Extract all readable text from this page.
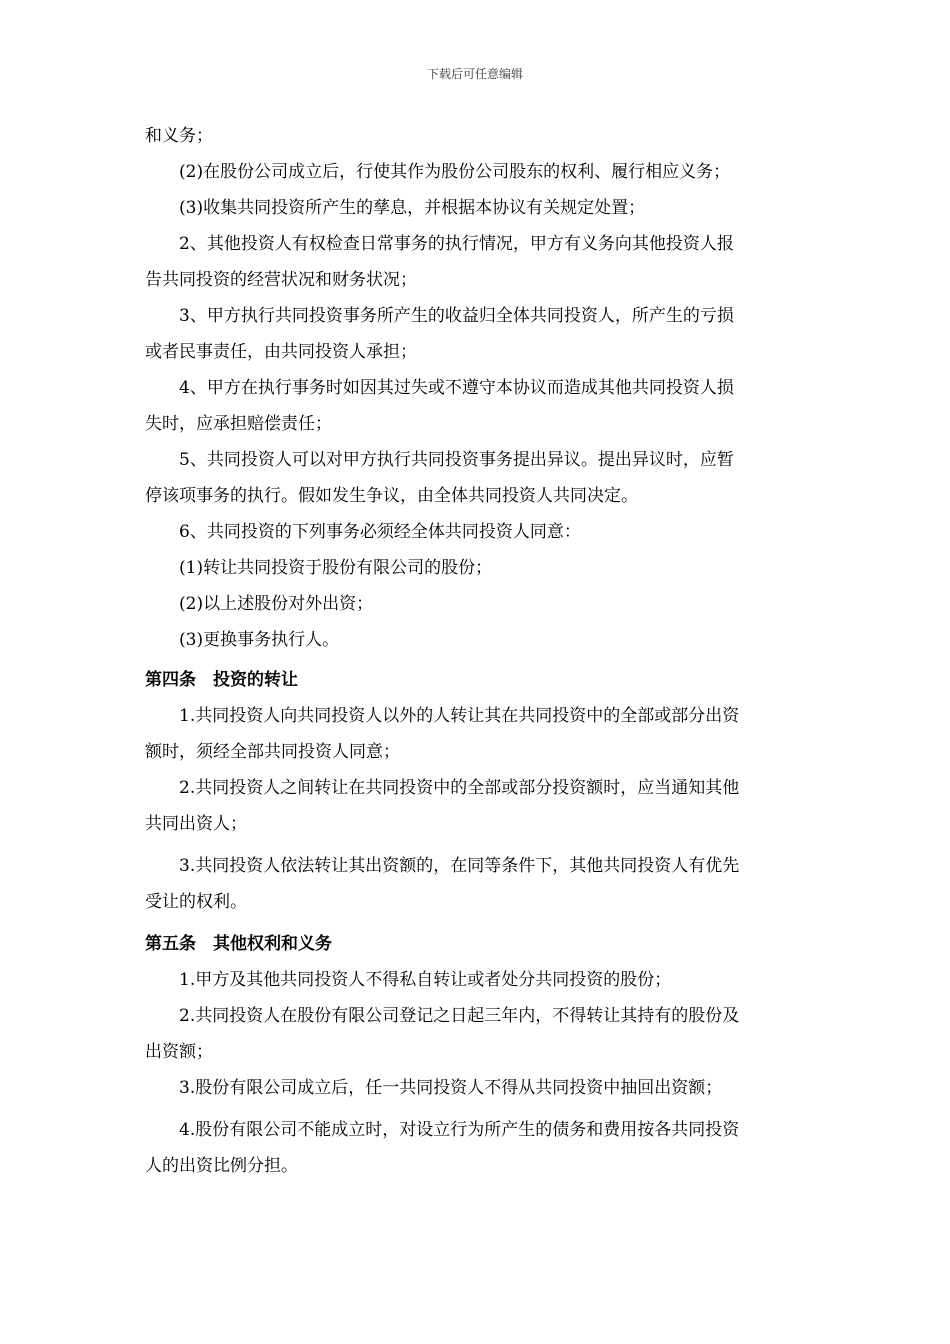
下载后可任意编辑
和义务；
(2)在股份公司成立后，行使其作为股份公司股东的权利、履行相应义务；
(3)收集共同投资所产生的孳息，并根据本协议有关规定处置；
2、其他投资人有权检查日常事务的执行情况，甲方有义务向其他投资人报
告共同投资的经营状况和财务状况；
3、甲方执行共同投资事务所产生的收益归全体共同投资人，所产生的亏损
或者民事责任，由共同投资人承担；
4、甲方在执行事务时如因其过失或不遵守本协议而造成其他共同投资人损
失时，应承担赔偿责任；
5、共同投资人可以对甲方执行共同投资事务提出异议。提出异议时，应暂
停该项事务的执行。假如发生争议，由全体共同投资人共同决定。
6、共同投资的下列事务必须经全体共同投资人同意：
(1)转让共同投资于股份有限公司的股份；
(2)以上述股份对外出资；
(3)更换事务执行人。
第四条　投资的转让
1.共同投资人向共同投资人以外的人转让其在共同投资中的全部或部分出资
额时，须经全部共同投资人同意；
2.共同投资人之间转让在共同投资中的全部或部分投资额时，应当通知其他
共同出资人；
3.共同投资人依法转让其出资额的，在同等条件下，其他共同投资人有优先
受让的权利。
第五条　其他权利和义务
1.甲方及其他共同投资人不得私自转让或者处分共同投资的股份；
2.共同投资人在股份有限公司登记之日起三年内，不得转让其持有的股份及
出资额；
3.股份有限公司成立后，任一共同投资人不得从共同投资中抽回出资额；
4.股份有限公司不能成立时，对设立行为所产生的债务和费用按各共同投资
人的出资比例分担。
